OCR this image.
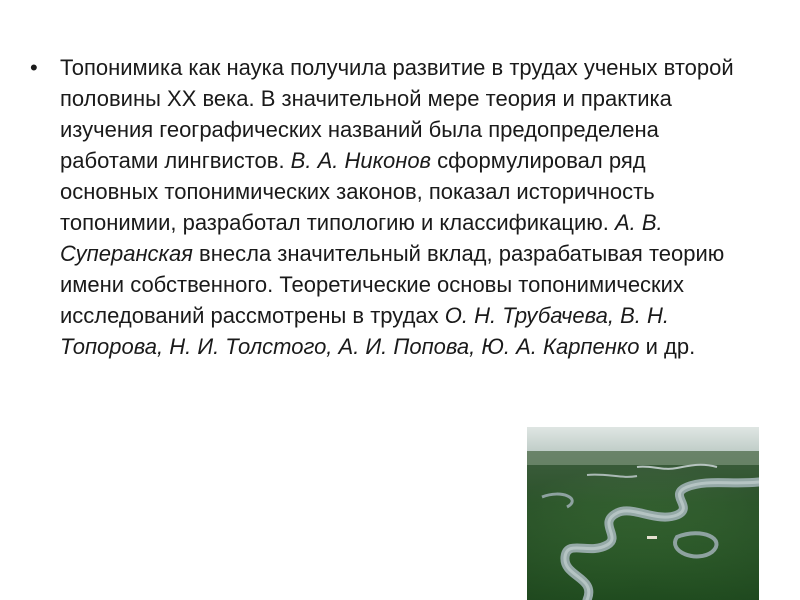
•	Топонимика как наука получила развитие в трудах ученых второй половины XX века. В значительной мере теория и практика изучения географических названий была предопределена работами лингвистов. В. А. Никонов сформулировал ряд основных топонимических законов, показал историчность топонимии, разработал типологию и классификацию. А. В. Суперанская внесла значительный вклад, разрабатывая теорию имени собственного. Теоретические основы топонимических исследований рассмотрены в трудах О. Н. Трубачева, В. Н. Топорова, Н. И. Толстого, А. И. Попова, Ю. А. Карпенко и др.
